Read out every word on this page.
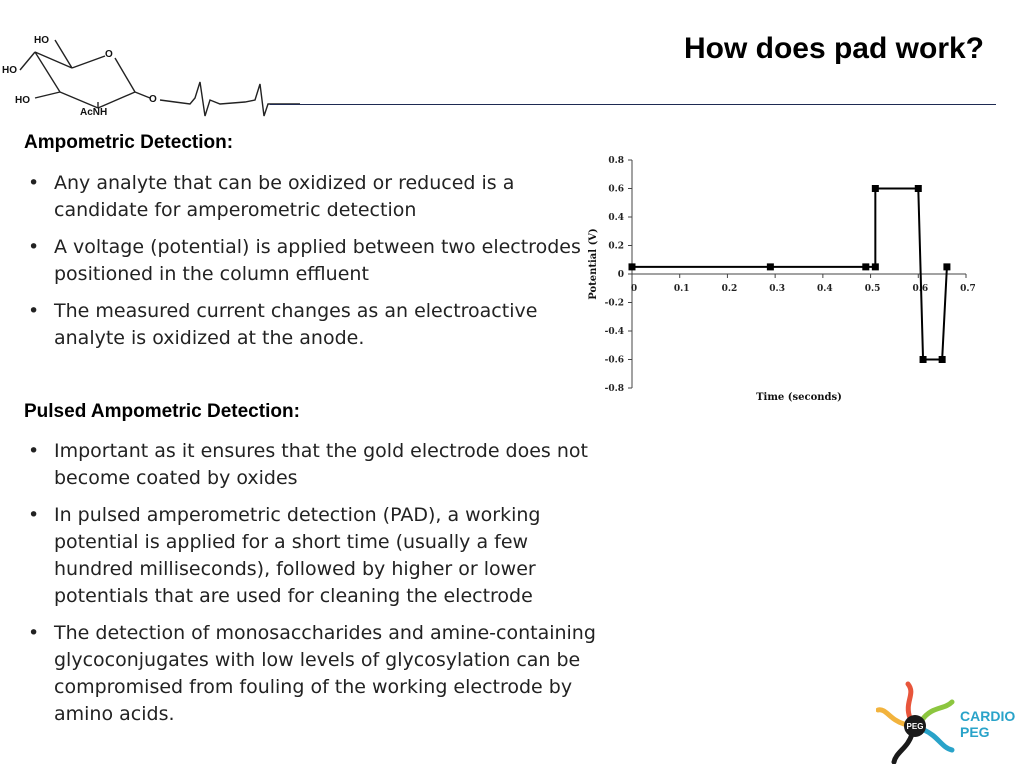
How does pad work?
HO
HO
HO
O
O
AcNH
Ampometric Detection:
• Any analyte that can be oxidized or reduced is a candidate for amperometric detection
• A voltage (potential) is applied between two electrodes positioned in the column effluent
• The measured current changes as an electroactive analyte is oxidized at the anode.
Pulsed Ampometric Detection:
• Important as it ensures that the gold electrode does not become coated by oxides
• In pulsed amperometric detection (PAD), a working potential is applied for a short time (usually a few hundred milliseconds), followed by higher or lower potentials that are used for cleaning the electrode
• The detection of monosaccharides and amine-containing glycoconjugates with low levels of glycosylation can be compromised from fouling of the working electrode by amino acids.
0.8
0.6
0.4
0.2
0
-0.2
-0.4
-0.6
-0.8
0	0.1	0.2	0.3	0.4	0.5	0.6	0.7
Time (seconds)
Potential (V)
PEG
CARDIO
PEG
